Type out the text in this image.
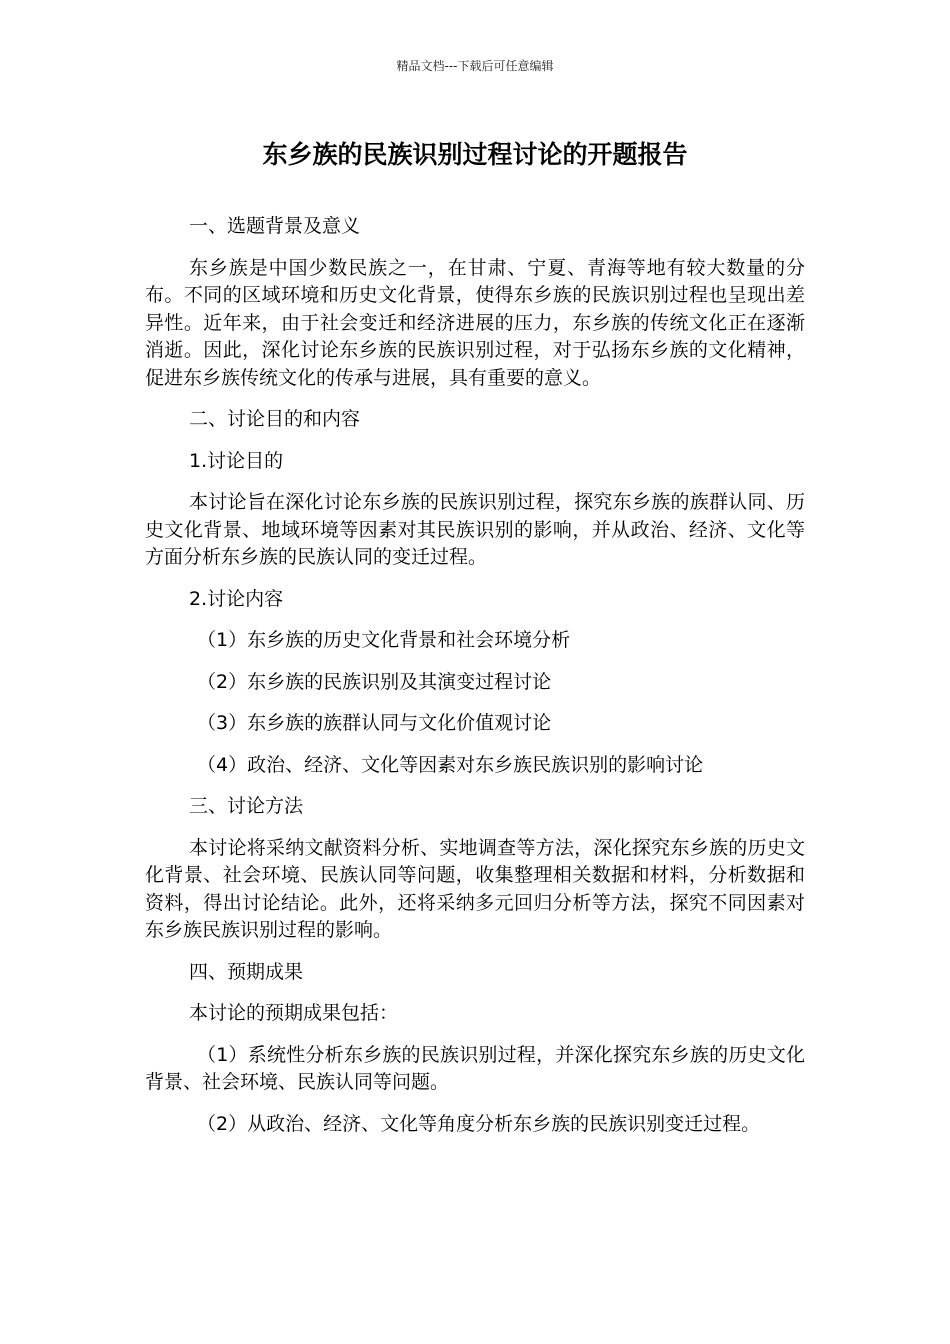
精品文档---下载后可任意编辑
东乡族的民族识别过程讨论的开题报告

一、选题背景及意义

东乡族是中国少数民族之一，在甘肃、宁夏、青海等地有较大数量的分布。不同的区域环境和历史文化背景，使得东乡族的民族识别过程也呈现出差异性。近年来，由于社会变迁和经济进展的压力，东乡族的传统文化正在逐渐消逝。因此，深化讨论东乡族的民族识别过程，对于弘扬东乡族的文化精神，促进东乡族传统文化的传承与进展，具有重要的意义。

二、讨论目的和内容

1.讨论目的

本讨论旨在深化讨论东乡族的民族识别过程，探究东乡族的族群认同、历史文化背景、地域环境等因素对其民族识别的影响，并从政治、经济、文化等方面分析东乡族的民族认同的变迁过程。

2.讨论内容

（1）东乡族的历史文化背景和社会环境分析

（2）东乡族的民族识别及其演变过程讨论

（3）东乡族的族群认同与文化价值观讨论

（4）政治、经济、文化等因素对东乡族民族识别的影响讨论

三、讨论方法

本讨论将采纳文献资料分析、实地调查等方法，深化探究东乡族的历史文化背景、社会环境、民族认同等问题，收集整理相关数据和材料，分析数据和资料，得出讨论结论。此外，还将采纳多元回归分析等方法，探究不同因素对东乡族民族识别过程的影响。

四、预期成果

本讨论的预期成果包括：

（1）系统性分析东乡族的民族识别过程，并深化探究东乡族的历史文化背景、社会环境、民族认同等问题。

（2）从政治、经济、文化等角度分析东乡族的民族识别变迁过程。
